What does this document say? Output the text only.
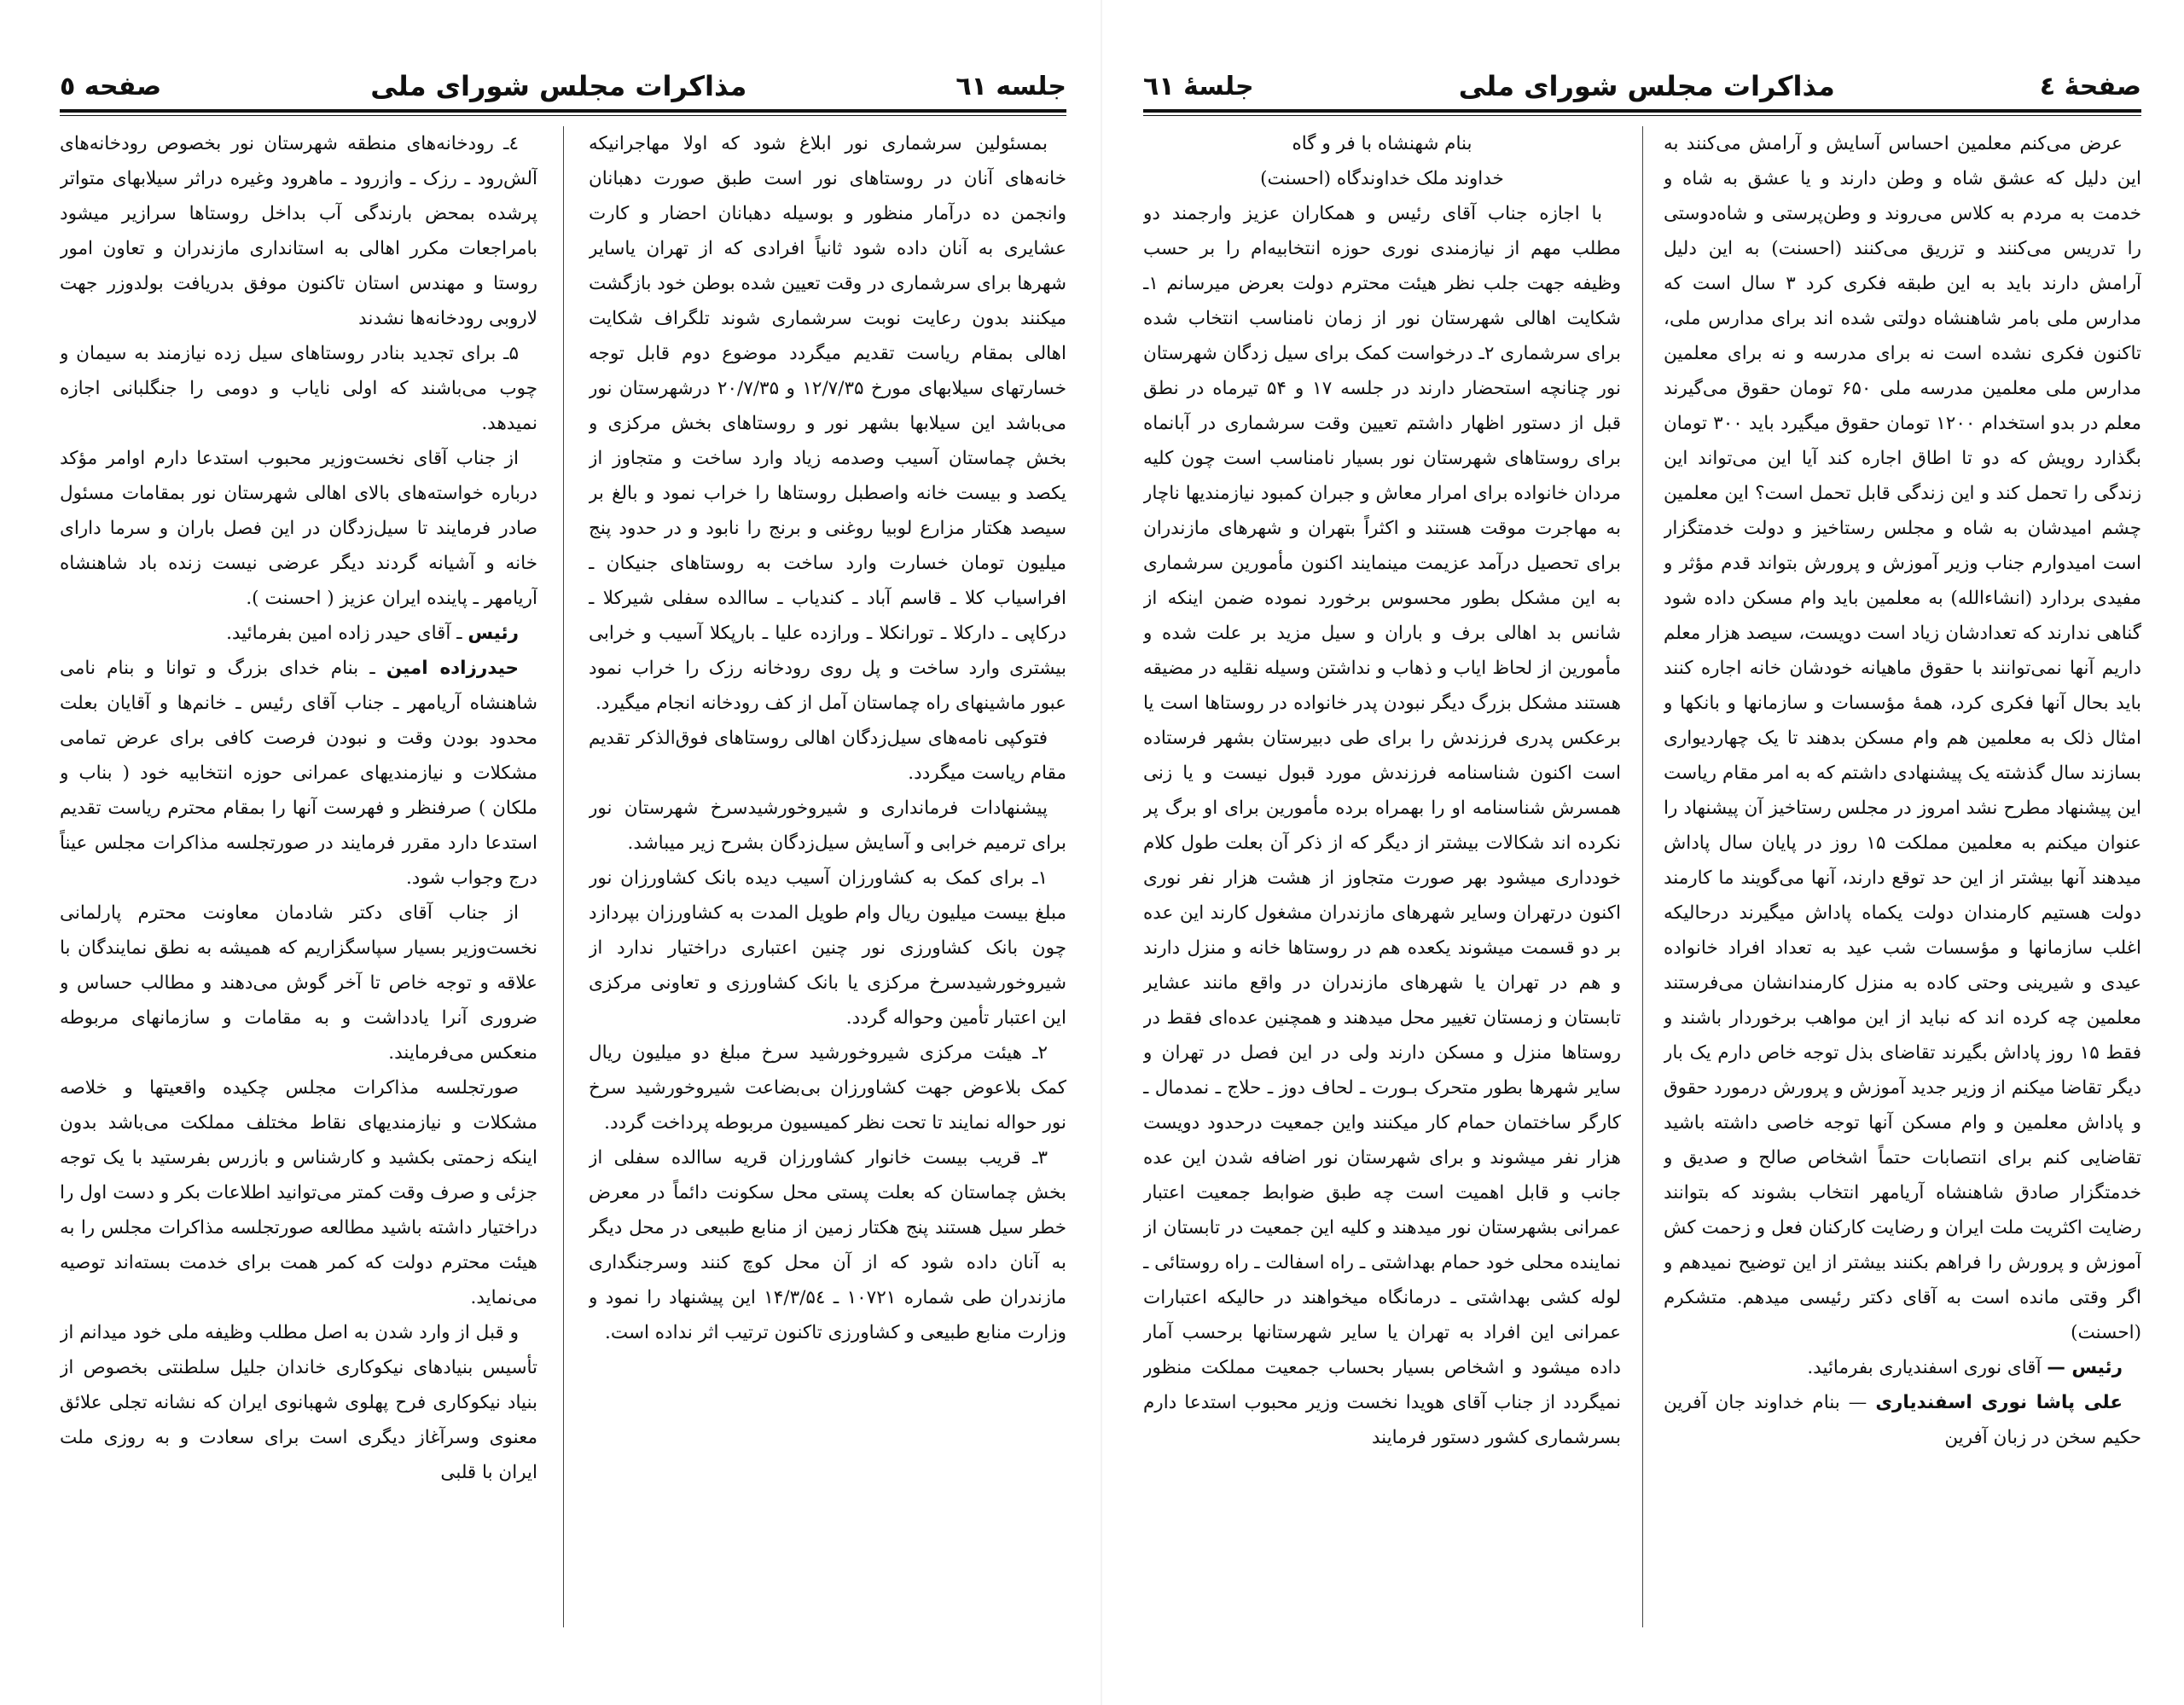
صفحهٔ ٤
مذاکرات مجلس شورای ملی
جلسهٔ ٦١

عرض می‌کنم معلمین احساس آسایش و آرامش می‌کنند به این دلیل که عشق شاه و وطن دارند و یا عشق به شاه و خدمت به مردم به کلاس می‌روند و وطن‌پرستی و شاه‌دوستی را تدریس می‌کنند و تزریق می‌کنند (احسنت) به این دلیل آرامش دارند باید به این طبقه فکری کرد ۳ سال است که مدارس ملی بامر شاهنشاه دولتی شده اند برای مدارس ملی، تاکنون فکری نشده است نه برای مدرسه و نه برای معلمین مدارس ملی معلمین مدرسه ملی ۶۵۰ تومان حقوق می‌گیرند معلم در بدو استخدام ۱۲۰۰ تومان حقوق میگیرد باید ۳۰۰ تومان بگذارد رویش که دو تا اطاق اجاره کند آیا این می‌تواند این زندگی را تحمل کند و این زندگی قابل تحمل است؟ این معلمین چشم امیدشان به شاه و مجلس رستاخیز و دولت خدمتگزار است امیدوارم جناب وزیر آموزش و پرورش بتواند قدم مؤثر و مفیدی بردارد (انشاءالله) به معلمین باید وام مسکن داده شود گناهی ندارند که تعدادشان زیاد است دویست، سیصد هزار معلم داریم آنها نمی‌توانند با حقوق ماهیانه خودشان خانه اجاره کنند باید بحال آنها فکری کرد، همهٔ مؤسسات و سازمانها و بانکها و امثال ذلک به معلمین هم وام مسکن بدهند تا یک چهاردیواری بسازند سال گذشته یک پیشنهادی داشتم که به امر مقام ریاست این پیشنهاد مطرح نشد امروز در مجلس رستاخیز آن پیشنهاد را عنوان میکنم به معلمین مملکت ۱۵ روز در پایان سال پاداش میدهند آنها بیشتر از این حد توقع دارند، آنها می‌گویند ما کارمند دولت هستیم کارمندان دولت یکماه پاداش میگیرند درحالیکه اغلب سازمانها و مؤسسات شب عید به تعداد افراد خانواده عیدی و شیرینی وحتی کاده به منزل کارمندانشان می‌فرستند معلمین چه کرده اند که نباید از این مواهب برخوردار باشند و فقط ۱۵ روز پاداش بگیرند تقاضای بذل توجه خاص دارم یک بار دیگر تقاضا میکنم از وزیر جدید آموزش و پرورش درمورد حقوق و پاداش معلمین و وام مسکن آنها توجه خاصی داشته باشید تقاضایی کنم برای انتصابات حتماً اشخاص صالح و صدیق و خدمتگزار صادق شاهنشاه آریامهر انتخاب بشوند که بتوانند رضایت اکثریت ملت ایران و رضایت کارکنان فعل و زحمت کش آموزش و پرورش را فراهم بکنند بیشتر از این توضیح نمیدهم و اگر وقتی مانده است به آقای دکتر رئیسی میدهم. متشکرم (احسنت)

رئیس — آقای نوری اسفندیاری بفرمائید.

علی پاشا نوری اسفندیاری — بنام خداوند جان آفرین حکیم سخن در زبان آفرین

بنام شهنشاه با فر و گاه

خداوند ملک خداوندگاه (احسنت)

با اجازه جناب آقای رئیس و همکاران عزیز وارجمند دو مطلب مهم از نیازمندی نوری حوزه انتخابیه‌ام را بر حسب وظیفه جهت جلب نظر هیئت محترم دولت بعرض میرسانم ۱ـ شکایت اهالی شهرستان نور از زمان نامناسب انتخاب شده برای سرشماری ۲ـ درخواست کمک برای سیل زدگان شهرستان نور چنانچه استحضار دارند در جلسه ۱۷ و ۵۴ تیرماه در نطق قبل از دستور اظهار داشتم تعیین وقت سرشماری در آبانماه برای روستاهای شهرستان نور بسیار نامناسب است چون کلیه مردان خانواده برای امرار معاش و جبران کمبود نیازمندیها ناچار به مهاجرت موقت هستند و اکثراً بتهران و شهرهای مازندران برای تحصیل درآمد عزیمت مینمایند اکنون مأمورین سرشماری به این مشکل بطور محسوس برخورد نموده ضمن اینکه از شانس بد اهالی برف و باران و سیل مزید بر علت شده و مأمورین از لحاظ ایاب و ذهاب و نداشتن وسیله نقلیه در مضیقه هستند مشکل بزرگ دیگر نبودن پدر خانواده در روستاها است یا برعکس پدری فرزندش را برای طی دبیرستان بشهر فرستاده است اکنون شناسنامه فرزندش مورد قبول نیست و یا زنی همسرش شناسنامه او را بهمراه برده مأمورین برای او برگ پر نکرده اند شکالات بیشتر از دیگر که از ذکر آن بعلت طول کلام خودداری میشود بهر صورت متجاوز از هشت هزار نفر نوری اکنون درتهران وسایر شهرهای مازندران مشغول کارند این عده بر دو قسمت میشوند یکعده هم در روستاها خانه و منزل دارند و هم در تهران یا شهرهای مازندران در واقع مانند عشایر تابستان و زمستان تغییر محل میدهند و همچنین عده‌ای فقط در روستاها منزل و مسکن دارند ولی در این فصل در تهران و سایر شهرها بطور متحرک بـورت ـ لحاف دوز ـ حلاج ـ نمدمال ـ کارگر ساختمان حمام کار میکنند واین جمعیت درحدود دویست هزار نفر میشوند و برای شهرستان نور اضافه شدن این عده جانب و قابل اهمیت است چه طبق ضوابط جمعیت اعتبار عمرانی بشهرستان نور میدهند و کلیه این جمعیت در تابستان از نماینده محلی خود حمام بهداشتی ـ راه اسفالت ـ راه روستائی ـ لوله کشی بهداشتی ـ درمانگاه میخواهند در حالیکه اعتبارات عمرانی این افراد به تهران یا سایر شهرستانها برحسب آمار داده میشود و اشخاص بسیار بحساب جمعیت مملکت منظور نمیگردد از جناب آقای هویدا نخست وزیر محبوب استدعا دارم بسرشماری کشور دستور فرمایند

جلسه ٦١
مذاکرات مجلس شورای ملی
صفحه ٥

بمسئولین سرشماری نور ابلاغ شود که اولا مهاجرانیکه خانه‌های آنان در روستاهای نور است طبق صورت دهبانان وانجمن ده درآمار منظور و بوسیله دهبانان احضار و کارت عشایری به آنان داده شود ثانیاً افرادی که از تهران یاسایر شهرها برای سرشماری در وقت تعیین شده بوطن خود بازگشت میکنند بدون رعایت نوبت سرشماری شوند تلگراف شکایت اهالی بمقام ریاست تقدیم میگردد موضوع دوم قابل توجه خسارتهای سیلابهای مورخ ۱۲/۷/۳۵ و ۲۰/۷/۳۵ درشهرستان نور می‌باشد این سیلابها بشهر نور و روستاهای بخش مرکزی و بخش چماستان آسیب وصدمه زیاد وارد ساخت و متجاوز از یکصد و بیست خانه واصطبل روستاها را خراب نمود و بالغ بر سیصد هکتار مزارع لوبیا روغنی و برنج را نابود و در حدود پنج میلیون تومان خسارت وارد ساخت به روستاهای جنیکان ـ افراسیاب کلا ـ قاسم آباد ـ کندیاب ـ ساالده سفلی شیرکلا ـ درکاپی ـ دارکلا ـ تورانکلا ـ ورازده علیا ـ بارپکلا آسیب و خرابی بیشتری وارد ساخت و پل روی رودخانه رزک را خراب نمود عبور ماشینهای راه چماستان آمل از کف رودخانه انجام میگیرد.

فتوکپی نامه‌های سیل‌زدگان اهالی روستاهای فوق‌الذکر تقدیم مقام ریاست میگردد.

پیشنهادات فرمانداری و شیروخورشیدسرخ شهرستان نور برای ترمیم خرابی و آسایش سیل‌زدگان بشرح زیر میباشد.

۱ـ برای کمک به کشاورزان آسیب دیده بانک کشاورزان نور مبلغ بیست میلیون ریال وام طویل المدت به کشاورزان بپردازد چون بانک کشاورزی نور چنین اعتباری دراختیار ندارد از شیروخورشیدسرخ مرکزی یا بانک کشاورزی و تعاونی مرکزی این اعتبار تأمین وحواله گردد.

۲ـ هیئت مرکزی شیروخورشید سرخ مبلغ دو میلیون ریال کمک بلاعوض جهت کشاورزان بی‌بضاعت شیروخورشید سرخ نور حواله نمایند تا تحت نظر کمیسیون مربوطه پرداخت گردد.

۳ـ قریب بیست خانوار کشاورزان قریه ساالده سفلی از بخش چماستان که بعلت پستی محل سکونت دائماً در معرض خطر سیل هستند پنج هکتار زمین از منابع طبیعی در محل دیگر به آنان داده شود که از آن محل کوچ کنند وسرجنگداری مازندران طی شماره ۱۰۷۲۱ ـ ۱۴/۳/۵٤ این پیشنهاد را نمود و وزارت منابع طبیعی و کشاورزی تاکنون ترتیب اثر نداده است.

٤ـ رودخانه‌های منطقه شهرستان نور بخصوص رودخانه‌های آلش‌رود ـ رزک ـ وازرود ـ ماهرود وغیره دراثر سیلابهای متواتر پرشده بمحض بارندگی آب بداخل روستاها سرازیر میشود بامراجعات مکرر اهالی به استانداری مازندران و تعاون امور روستا و مهندس استان تاکنون موفق بدریافت بولدوزر جهت لاروبی رودخانه‌ها نشدند

۵ـ برای تجدید بنادر روستاهای سیل زده نیازمند به سیمان و چوب می‌باشند که اولی نایاب و دومی را جنگلبانی اجازه نمیدهد.

از جناب آقای نخست‌وزیر محبوب استدعا دارم اوامر مؤکد درباره خواسته‌های بالای اهالی شهرستان نور بمقامات مسئول صادر فرمایند تا سیل‌زدگان در این فصل باران و سرما دارای خانه و آشیانه گردند دیگر عرضی نیست زنده باد شاهنشاه آریامهر ـ پاینده ایران عزیز ( احسنت ).

رئیس ـ آقای حیدر زاده امین بفرمائید.

حیدرزاده امین ـ بنام خدای بزرگ و توانا و بنام نامی شاهنشاه آریامهر ـ جناب آقای رئیس ـ خانم‌ها و آقایان بعلت محدود بودن وقت و نبودن فرصت کافی برای عرض تمامی مشکلات و نیازمندیهای عمرانی حوزه انتخابیه خود ( بناب و ملکان ) صرفنظر و فهرست آنها را بمقام محترم ریاست تقدیم استدعا دارد مقرر فرمایند در صورتجلسه مذاکرات مجلس عیناً درج وجواب شود.

از جناب آقای دکتر شادمان معاونت محترم پارلمانی نخست‌وزیر بسیار سپاسگزاریم که همیشه به نطق نمایندگان با علاقه و توجه خاص تا آخر گوش می‌دهند و مطالب حساس و ضروری آنرا یادداشت و به مقامات و سازمانهای مربوطه منعکس می‌فرمایند.

صورتجلسه مذاکرات مجلس چکیده واقعیتها و خلاصه مشکلات و نیازمندیهای نقاط مختلف مملکت می‌باشد بدون اینکه زحمتی بکشید و کارشناس و بازرس بفرستید با یک توجه جزئی و صرف وقت کمتر می‌توانید اطلاعات بکر و دست اول را دراختیار داشته باشید مطالعه صورتجلسه مذاکرات مجلس را به هیئت محترم دولت که کمر همت برای خدمت بسته‌اند توصیه می‌نماید.

و قبل از وارد شدن به اصل مطلب وظیفه ملی خود میدانم از تأسیس بنیادهای نیکوکاری خاندان جلیل سلطنتی بخصوص از بنیاد نیکوکاری فرح پهلوی شهبانوی ایران که نشانه تجلی علائق معنوی وسرآغاز دیگری است برای سعادت و به روزی ملت ایران با قلبی
